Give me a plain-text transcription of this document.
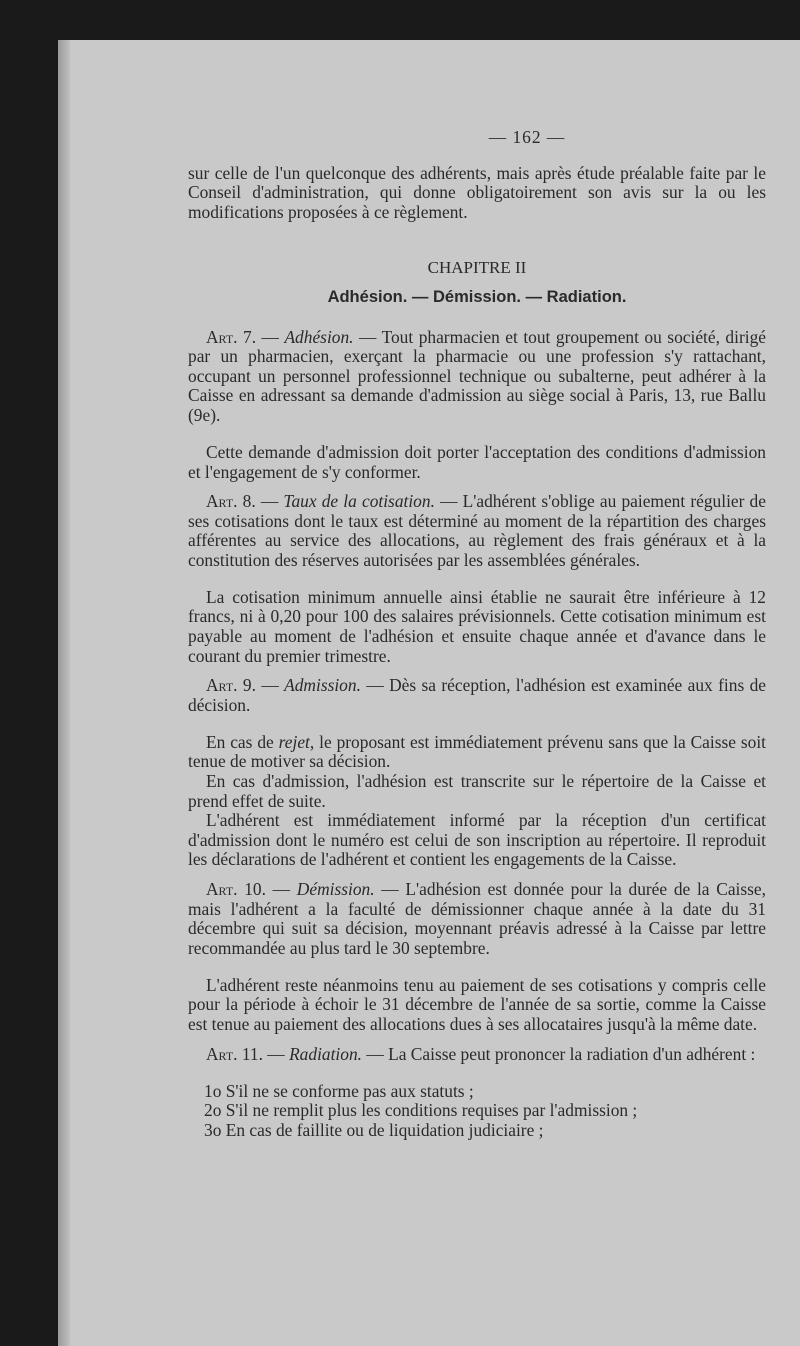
— 162 —

sur celle de l'un quelconque des adhérents, mais après étude préalable faite par le Conseil d'administration, qui donne obligatoirement son avis sur la ou les modifications proposées à ce règlement.

CHAPITRE II
Adhésion. — Démission. — Radiation.

Art. 7. — Adhésion. — Tout pharmacien et tout groupement ou société, dirigé par un pharmacien, exerçant la pharmacie ou une profession s'y rattachant, occupant un personnel professionnel technique ou subalterne, peut adhérer à la Caisse en adressant sa demande d'admission au siège social à Paris, 13, rue Ballu (9e).

Cette demande d'admission doit porter l'acceptation des conditions d'admission et l'engagement de s'y conformer.

Art. 8. — Taux de la cotisation. — L'adhérent s'oblige au paiement régulier de ses cotisations dont le taux est déterminé au moment de la répartition des charges afférentes au service des allocations, au règlement des frais généraux et à la constitution des réserves autorisées par les assemblées générales.

La cotisation minimum annuelle ainsi établie ne saurait être inférieure à 12 francs, ni à 0,20 pour 100 des salaires prévisionnels. Cette cotisation minimum est payable au moment de l'adhésion et ensuite chaque année et d'avance dans le courant du premier trimestre.

Art. 9. — Admission. — Dès sa réception, l'adhésion est examinée aux fins de décision.

En cas de rejet, le proposant est immédiatement prévenu sans que la Caisse soit tenue de motiver sa décision.

En cas d'admission, l'adhésion est transcrite sur le répertoire de la Caisse et prend effet de suite.

L'adhérent est immédiatement informé par la réception d'un certificat d'admission dont le numéro est celui de son inscription au répertoire. Il reproduit les déclarations de l'adhérent et contient les engagements de la Caisse.

Art. 10. — Démission. — L'adhésion est donnée pour la durée de la Caisse, mais l'adhérent a la faculté de démissionner chaque année à la date du 31 décembre qui suit sa décision, moyennant préavis adressé à la Caisse par lettre recommandée au plus tard le 30 septembre.

L'adhérent reste néanmoins tenu au paiement de ses cotisations y compris celle pour la période à échoir le 31 décembre de l'année de sa sortie, comme la Caisse est tenue au paiement des allocations dues à ses allocataires jusqu'à la même date.

Art. 11. — Radiation. — La Caisse peut prononcer la radiation d'un adhérent :

1o S'il ne se conforme pas aux statuts ;

2o S'il ne remplit plus les conditions requises par l'admission ;

3o En cas de faillite ou de liquidation judiciaire ;
